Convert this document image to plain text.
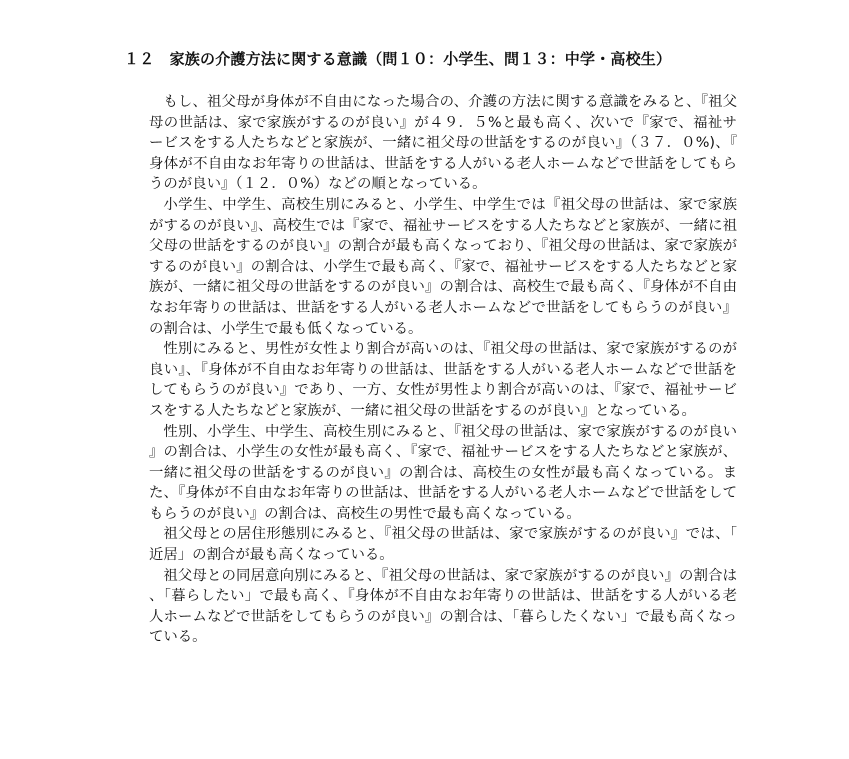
１２　家族の介護方法に関する意識（問１０：小学生、問１３：中学・高校生）

もし、祖父母が身体が不自由になった場合の、介護の方法に関する意識をみると、『祖父母の世話は、家で家族がするのが良い』が４９．５%と最も高く、次いで『家で、福祉サービスをする人たちなどと家族が、一緒に祖父母の世話をするのが良い』（３７．０%)、『身体が不自由なお年寄りの世話は、世話をする人がいる老人ホームなどで世話をしてもらうのが良い』（１２．０%）などの順となっている。

小学生、中学生、高校生別にみると、小学生、中学生では『祖父母の世話は、家で家族がするのが良い』、高校生では『家で、福祉サービスをする人たちなどと家族が、一緒に祖父母の世話をするのが良い』の割合が最も高くなっており、『祖父母の世話は、家で家族がするのが良い』の割合は、小学生で最も高く、『家で、福祉サービスをする人たちなどと家族が、一緒に祖父母の世話をするのが良い』の割合は、高校生で最も高く、『身体が不自由なお年寄りの世話は、世話をする人がいる老人ホームなどで世話をしてもらうのが良い』の割合は、小学生で最も低くなっている。

性別にみると、男性が女性より割合が高いのは、『祖父母の世話は、家で家族がするのが良い』、『身体が不自由なお年寄りの世話は、世話をする人がいる老人ホームなどで世話をしてもらうのが良い』であり、一方、女性が男性より割合が高いのは、『家で、福祉サービスをする人たちなどと家族が、一緒に祖父母の世話をするのが良い』となっている。

性別、小学生、中学生、高校生別にみると、『祖父母の世話は、家で家族がするのが良い』の割合は、小学生の女性が最も高く、『家で、福祉サービスをする人たちなどと家族が、一緒に祖父母の世話をするのが良い』の割合は、高校生の女性が最も高くなっている。また、『身体が不自由なお年寄りの世話は、世話をする人がいる老人ホームなどで世話をしてもらうのが良い』の割合は、高校生の男性で最も高くなっている。

祖父母との居住形態別にみると、『祖父母の世話は、家で家族がするのが良い』では、「近居」の割合が最も高くなっている。

祖父母との同居意向別にみると、『祖父母の世話は、家で家族がするのが良い』の割合は、「暮らしたい」で最も高く、『身体が不自由なお年寄りの世話は、世話をする人がいる老人ホームなどで世話をしてもらうのが良い』の割合は、「暮らしたくない」で最も高くなっている。
